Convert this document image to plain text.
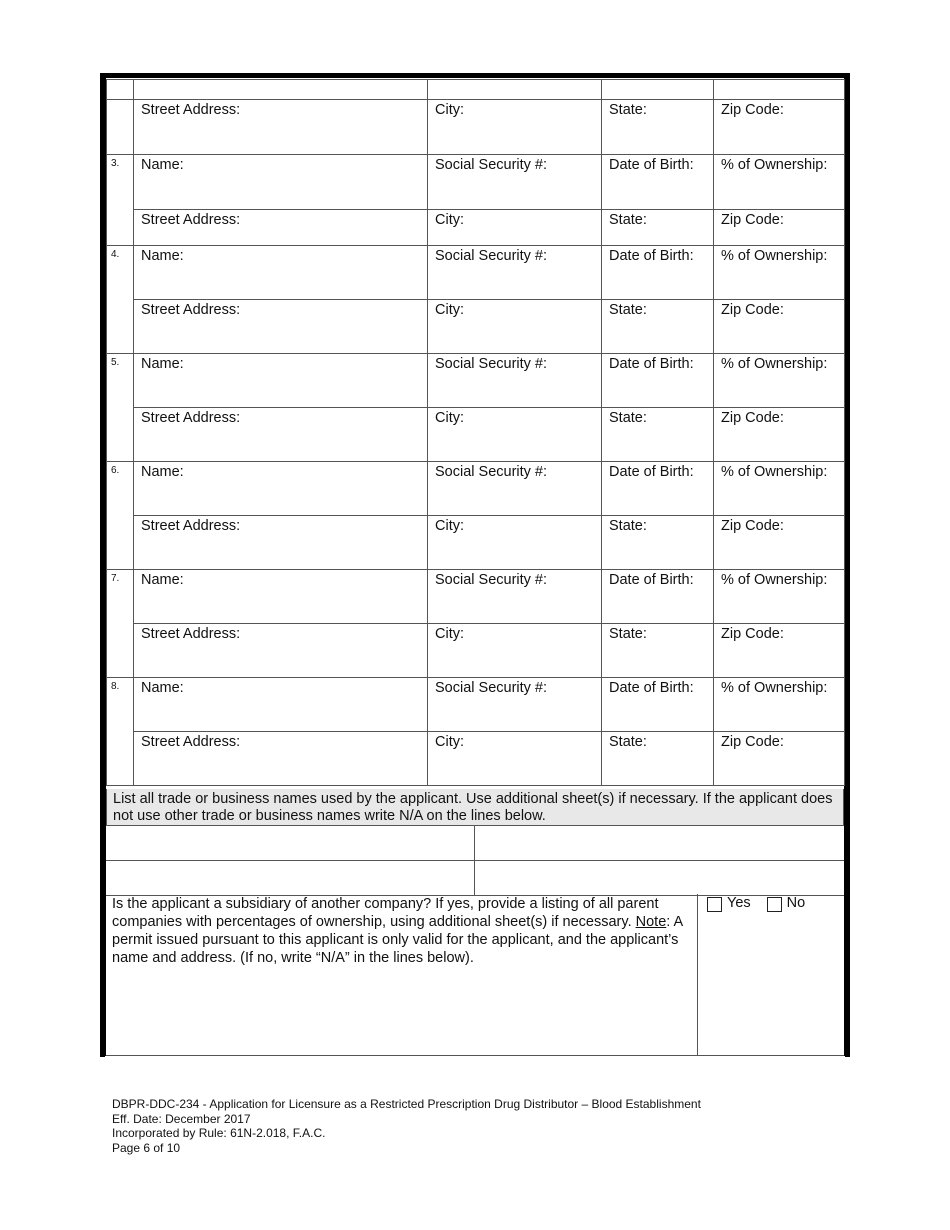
	Street Address:	City:	State:	Zip Code:
3.	Name:	Social Security #:	Date of Birth:	% of Ownership:
	Street Address:	City:	State:	Zip Code:
4.	Name:	Social Security #:	Date of Birth:	% of Ownership:
	Street Address:	City:	State:	Zip Code:
5.	Name:	Social Security #:	Date of Birth:	% of Ownership:
	Street Address:	City:	State:	Zip Code:
6.	Name:	Social Security #:	Date of Birth:	% of Ownership:
	Street Address:	City:	State:	Zip Code:
7.	Name:	Social Security #:	Date of Birth:	% of Ownership:
	Street Address:	City:	State:	Zip Code:
8.	Name:	Social Security #:	Date of Birth:	% of Ownership:
	Street Address:	City:	State:	Zip Code:
List all trade or business names used by the applicant. Use additional sheet(s) if necessary. If the applicant does not use other trade or business names write N/A on the lines below.
Is the applicant a subsidiary of another company? If yes, provide a listing of all parent companies with percentages of ownership, using additional sheet(s) if necessary. Note: A permit issued pursuant to this applicant is only valid for the applicant, and the applicant’s name and address. (If no, write “N/A” in the lines below).
Yes No
DBPR-DDC-234 - Application for Licensure as a Restricted Prescription Drug Distributor – Blood Establishment
Eff. Date: December 2017
Incorporated by Rule: 61N-2.018, F.A.C.
Page 6 of 10
